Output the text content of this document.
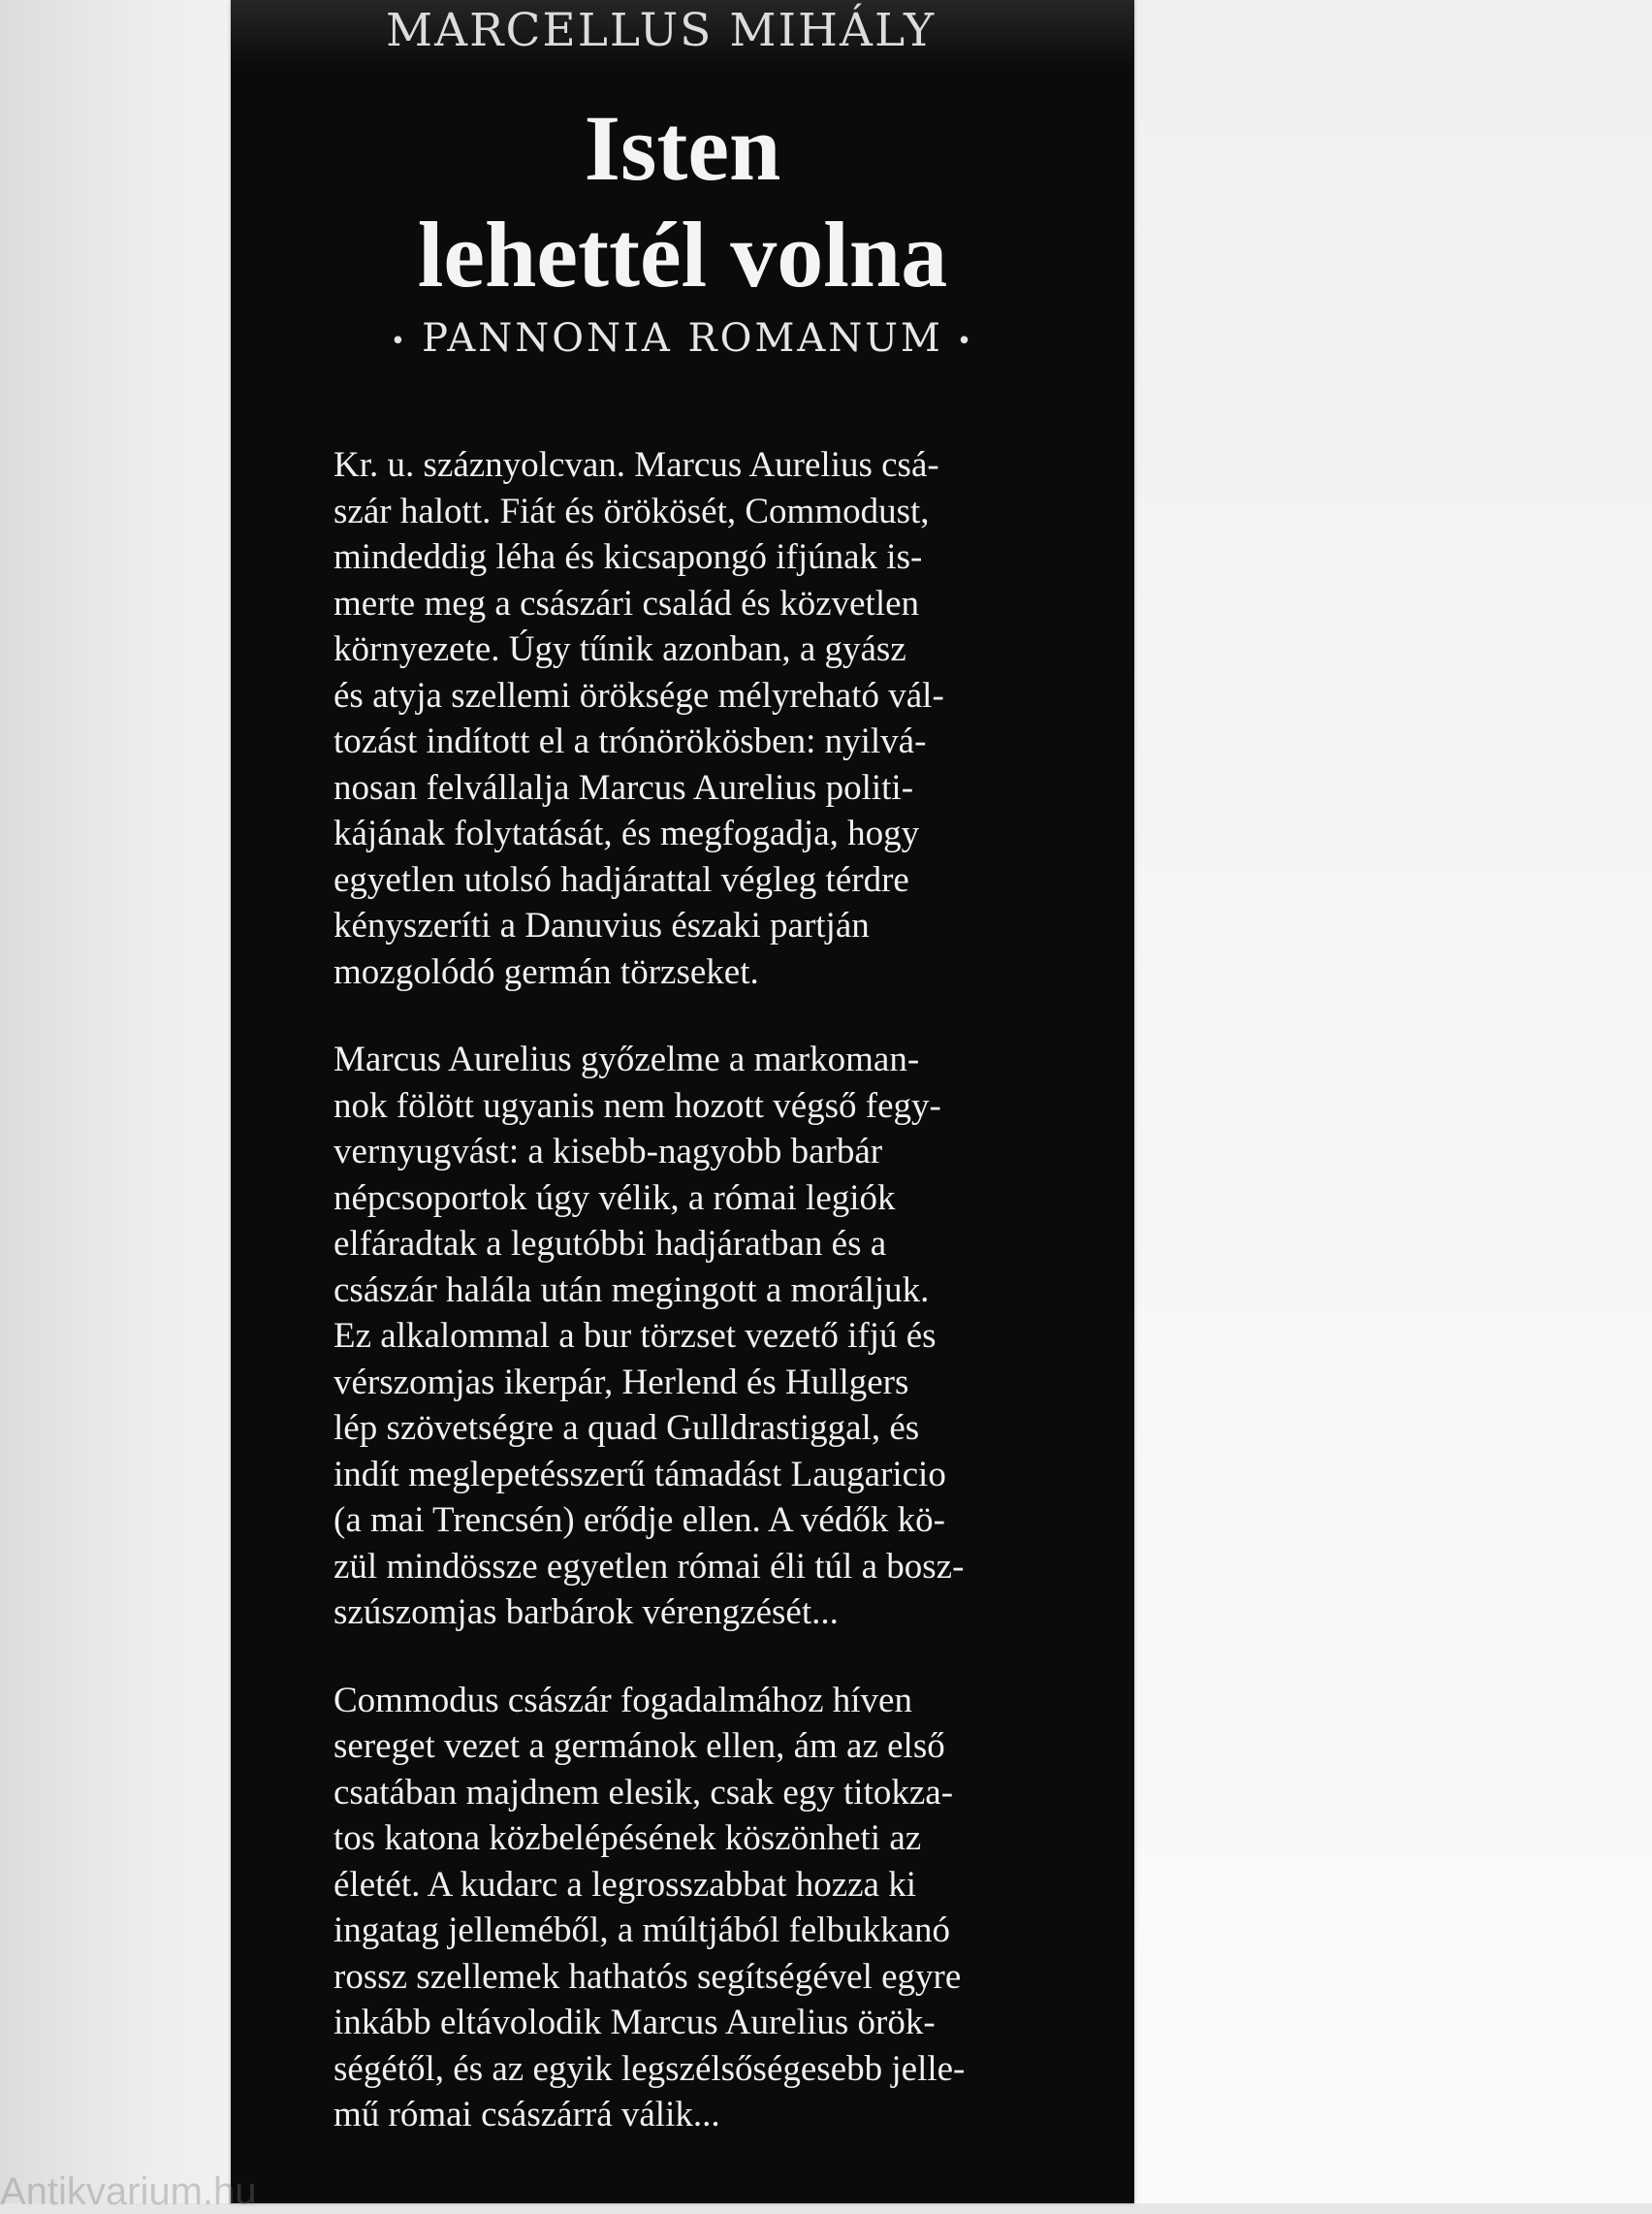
MARCELLUS MIHÁLY
Isten
lehettél volna
• PANNONIA ROMANUM •

Kr. u. száznyolcvan. Marcus Aurelius csá-
szár halott. Fiát és örökösét, Commodust,
mindeddig léha és kicsapongó ifjúnak is-
merte meg a császári család és közvetlen
környezete. Úgy tűnik azonban, a gyász
és atyja szellemi öröksége mélyreható vál-
tozást indított el a trónörökösben: nyilvá-
nosan felvállalja Marcus Aurelius politi-
kájának folytatását, és megfogadja, hogy
egyetlen utolsó hadjárattal végleg térdre
kényszeríti a Danuvius északi partján
mozgolódó germán törzseket.

Marcus Aurelius győzelme a markoman-
nok fölött ugyanis nem hozott végső fegy-
vernyugvást: a kisebb-nagyobb barbár
népcsoportok úgy vélik, a római legiók
elfáradtak a legutóbbi hadjáratban és a
császár halála után megingott a moráljuk.
Ez alkalommal a bur törzset vezető ifjú és
vérszomjas ikerpár, Herlend és Hullgers
lép szövetségre a quad Gulldrastiggal, és
indít meglepetésszerű támadást Laugaricio
(a mai Trencsén) erődje ellen. A védők kö-
zül mindössze egyetlen római éli túl a bosz-
szúszomjas barbárok vérengzését...

Commodus császár fogadalmához híven
sereget vezet a germánok ellen, ám az első
csatában majdnem elesik, csak egy titokza-
tos katona közbelépésének köszönheti az
életét. A kudarc a legrosszabbat hozza ki
ingatag jelleméből, a múltjából felbukkanó
rossz szellemek hathatós segítségével egyre
inkább eltávolodik Marcus Aurelius örök-
ségétől, és az egyik legszélsőségesebb jelle-
mű római császárrá válik...

Antikvarium.hu
